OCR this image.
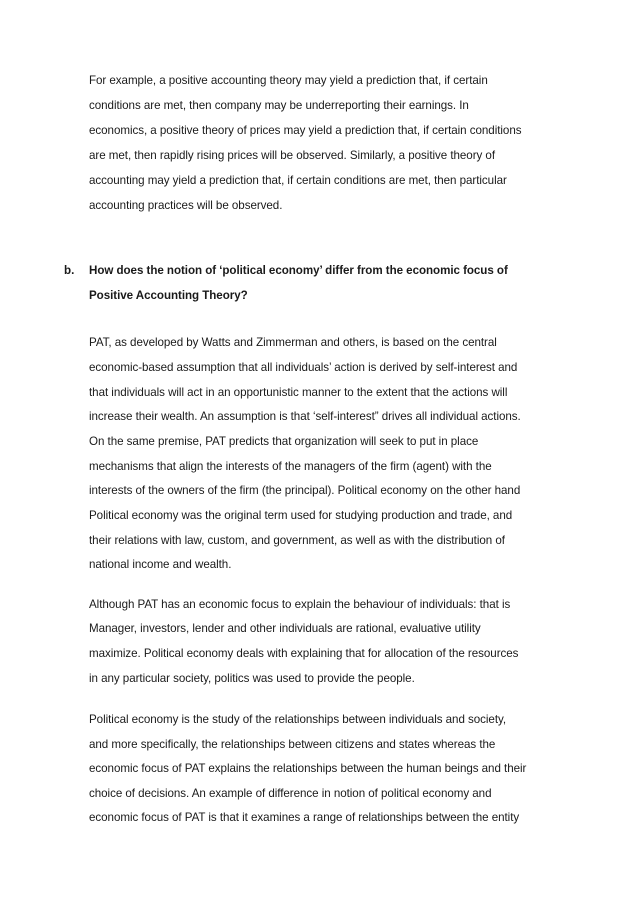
For example, a positive accounting theory may yield a prediction that, if certain
conditions are met, then company may be underreporting their earnings. In
economics, a positive theory of prices may yield a prediction that, if certain conditions
are met, then rapidly rising prices will be observed. Similarly, a positive theory of
accounting may yield a prediction that, if certain conditions are met, then particular
accounting practices will be observed.
b. How does the notion of ‘political economy’ differ from the economic focus of
Positive Accounting Theory?
PAT, as developed by Watts and Zimmerman and others, is based on the central
economic-based assumption that all individuals’ action is derived by self-interest and
that individuals will act in an opportunistic manner to the extent that the actions will
increase their wealth. An assumption is that ‘self-interest” drives all individual actions.
On the same premise, PAT predicts that organization will seek to put in place
mechanisms that align the interests of the managers of the firm (agent) with the
interests of the owners of the firm (the principal). Political economy on the other hand
Political economy was the original term used for studying production and trade, and
their relations with law, custom, and government, as well as with the distribution of
national income and wealth.
Although PAT has an economic focus to explain the behaviour of individuals: that is
Manager, investors, lender and other individuals are rational, evaluative utility
maximize. Political economy deals with explaining that for allocation of the resources
in any particular society, politics was used to provide the people.
Political economy is the study of the relationships between individuals and society,
and more specifically, the relationships between citizens and states whereas the
economic focus of PAT explains the relationships between the human beings and their
choice of decisions. An example of difference in notion of political economy and
economic focus of PAT is that it examines a range of relationships between the entity
